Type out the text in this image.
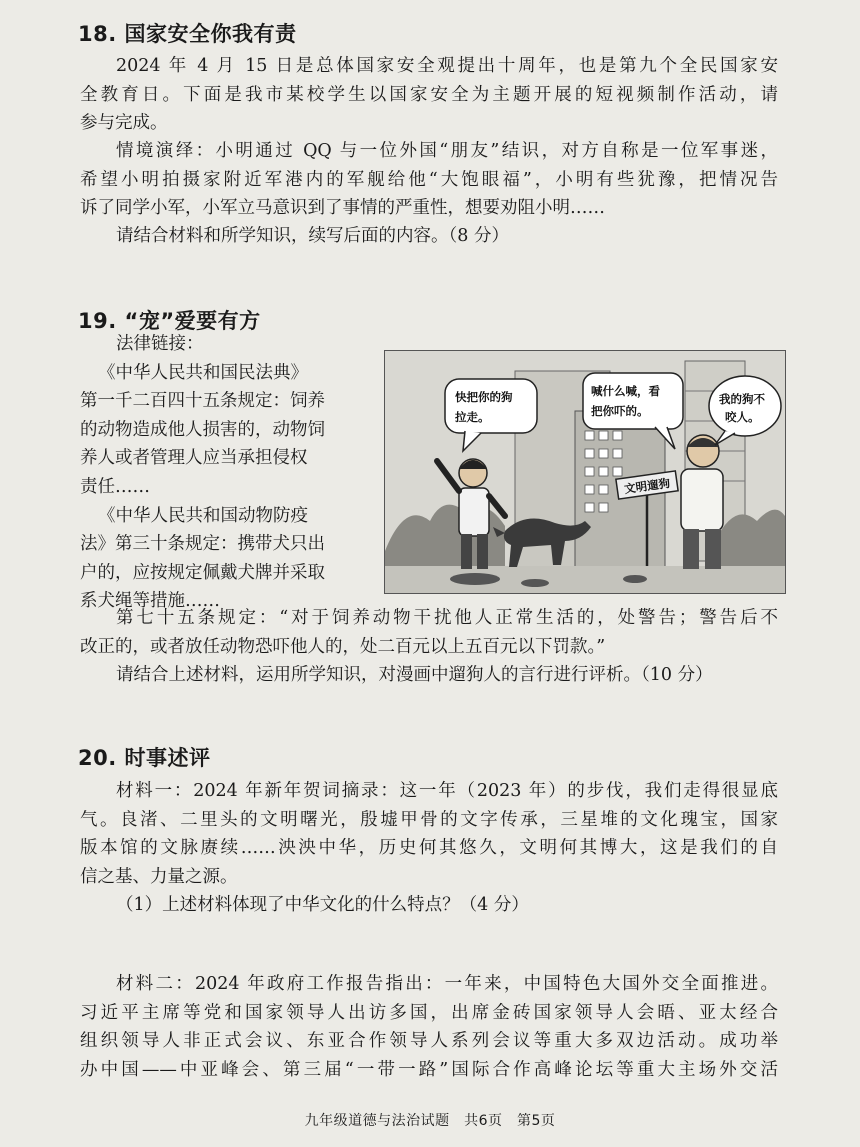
18. 国家安全你我有责
2024 年 4 月 15 日是总体国家安全观提出十周年，也是第九个全民国家安
全教育日。下面是我市某校学生以国家安全为主题开展的短视频制作活动，请
参与完成。
情境演绎：小明通过 QQ 与一位外国“朋友”结识，对方自称是一位军事迷，
希望小明拍摄家附近军港内的军舰给他“大饱眼福”，小明有些犹豫，把情况告
诉了同学小军，小军立马意识到了事情的严重性，想要劝阻小明……
请结合材料和所学知识，续写后面的内容。（8 分）
19. “宠”爱要有方
法律链接：
《中华人民共和国民法典》
第一千二百四十五条规定：饲养
的动物造成他人损害的，动物饲
养人或者管理人应当承担侵权
责任……
《中华人民共和国动物防疫
法》第三十条规定：携带犬只出
户的，应按规定佩戴犬牌并采取
系犬绳等措施……
文明遛狗
快把你的狗
拉走。
喊什么喊，看
把你吓的。
我的狗不
咬人。
第七十五条规定：“对于饲养动物干扰他人正常生活的，处警告；警告后不
改正的，或者放任动物恐吓他人的，处二百元以上五百元以下罚款。”
请结合上述材料，运用所学知识，对漫画中遛狗人的言行进行评析。（10 分）
20. 时事述评
材料一：2024 年新年贺词摘录：这一年（2023 年）的步伐，我们走得很显底
气。良渚、二里头的文明曙光，殷墟甲骨的文字传承，三星堆的文化瑰宝，国家
版本馆的文脉赓续……泱泱中华，历史何其悠久，文明何其博大，这是我们的自
信之基、力量之源。
（1）上述材料体现了中华文化的什么特点？（4 分）
材料二：2024 年政府工作报告指出：一年来，中国特色大国外交全面推进。
习近平主席等党和国家领导人出访多国，出席金砖国家领导人会晤、亚太经合
组织领导人非正式会议、东亚合作领导人系列会议等重大多双边活动。成功举
办中国——中亚峰会、第三届“一带一路”国际合作高峰论坛等重大主场外交活
九年级道德与法治试题　共6页　第5页
